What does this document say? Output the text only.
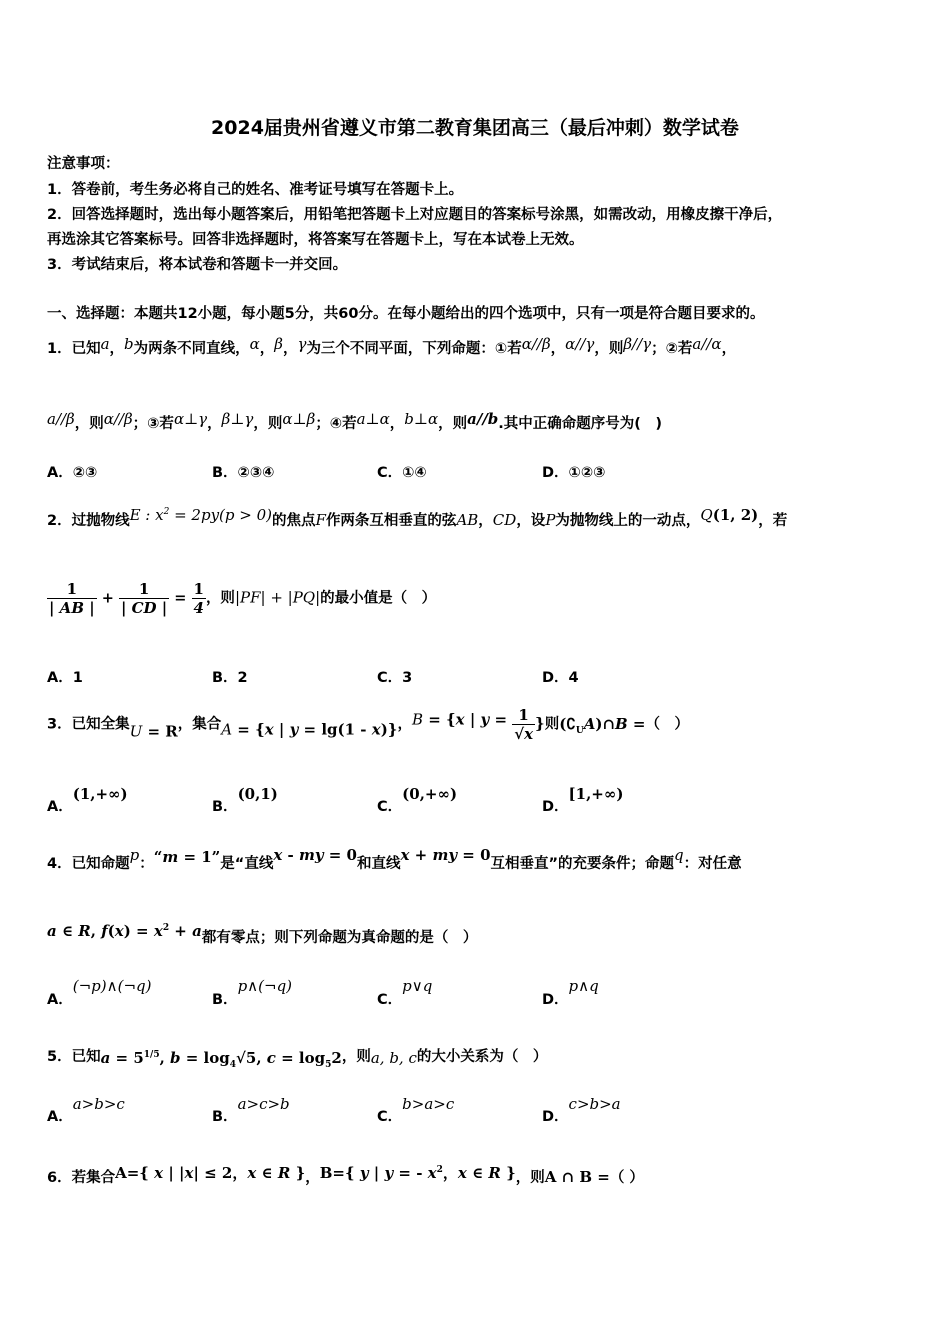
2024届贵州省遵义市第二教育集团高三（最后冲刺）数学试卷
注意事项：
1．答卷前，考生务必将自己的姓名、准考证号填写在答题卡上。
2．回答选择题时，选出每小题答案后，用铅笔把答题卡上对应题目的答案标号涂黑，如需改动，用橡皮擦干净后，
再选涂其它答案标号。回答非选择题时，将答案写在答题卡上，写在本试卷上无效。
3．考试结束后，将本试卷和答题卡一并交回。
一、选择题：本题共12小题，每小题5分，共60分。在每小题给出的四个选项中，只有一项是符合题目要求的。
1．已知a，b为两条不同直线，α，β，γ为三个不同平面，下列命题：①若α//β，α//γ，则β//γ；②若a//α，
a//β，则α//β；③若α⊥γ，β⊥γ，则α⊥β；④若a⊥α，b⊥α，则a//b.其中正确命题序号为(　)
A．②③	B．②③④	C．①④	D．①②③
2．过抛物线E : $x^2 = 2py(p > 0)$的焦点F作两条互相垂直的弦AB，CD，设P为抛物线上的一动点，Q(1, 2)，若
$\frac{1}{| AB |} + \frac{1}{| CD |} = \frac{1}{4}$ ，则|PF| + |PQ|的最小值是（　）
A．1	B．2	C．3	D．4
3．已知全集U = R，集合A = {x | y = lg(1 - x)}，B = {x | $y = \frac{1}{√x}$ }则$(∁_UA)\cap B$ =（　）
A．(1,+∞)
B．(0,1)
C．(0,+∞)
D．[1,+∞)
4．已知命题p：“m = 1”是“直线x - my = 0和直线x + my = 0互相垂直”的充要条件；命题q：对任意
a ∈ R, $f(x) = x^2 + a$都有零点；则下列命题为真命题的是（　）
A．(¬p)∧(¬q)
B．p∧(¬q)
C．p∨q
D．p∧q
5．已知$a = 5^{1/5}$, $b = \log_4√5$, $c = \log_52$，则a, b, c的大小关系为（　）
A．a>b>c
B．a>c>b
C．b>a>c
D．c>b>a
6．若集合A={ x | |x| ≤ 2，x ∈ R }，B={ y | y = - $x^2$，x ∈ R }，则A ∩ B =（ ）
